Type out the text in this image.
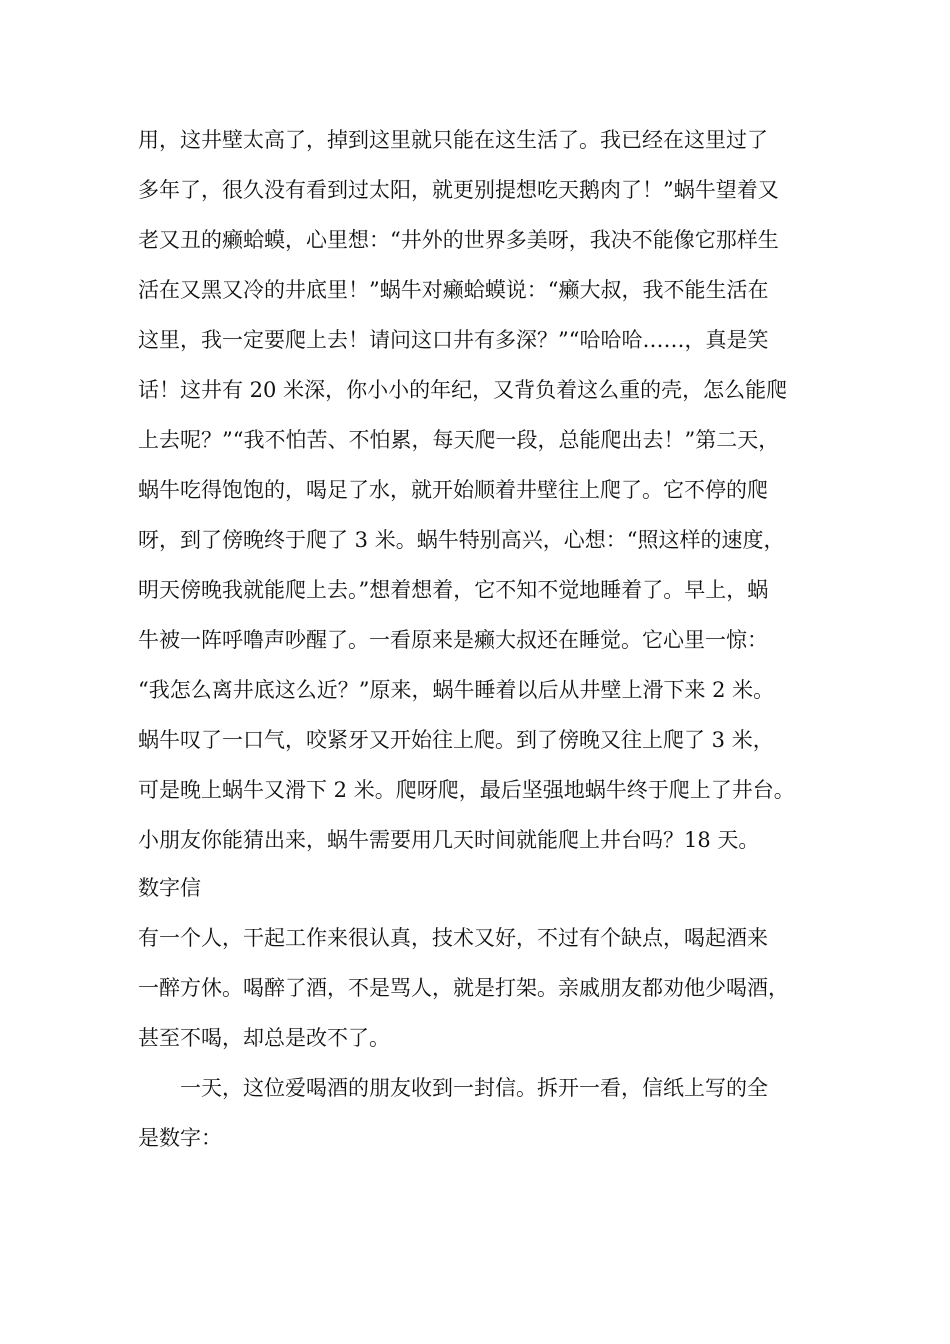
用，这井壁太高了，掉到这里就只能在这生活了。我已经在这里过了
多年了，很久没有看到过太阳，就更别提想吃天鹅肉了！”蜗牛望着又
老又丑的癞蛤蟆，心里想：“井外的世界多美呀，我决不能像它那样生
活在又黑又冷的井底里！”蜗牛对癞蛤蟆说：“癞大叔，我不能生活在
这里，我一定要爬上去！请问这口井有多深？”“哈哈哈……，真是笑
话！这井有 20 米深，你小小的年纪，又背负着这么重的壳，怎么能爬
上去呢？”“我不怕苦、不怕累，每天爬一段，总能爬出去！”第二天，
蜗牛吃得饱饱的，喝足了水，就开始顺着井壁往上爬了。它不停的爬
呀，到了傍晚终于爬了 3 米。蜗牛特别高兴，心想：“照这样的速度，
明天傍晚我就能爬上去。”想着想着，它不知不觉地睡着了。早上，蜗
牛被一阵呼噜声吵醒了。一看原来是癞大叔还在睡觉。它心里一惊：
“我怎么离井底这么近？”原来，蜗牛睡着以后从井壁上滑下来 2 米。
蜗牛叹了一口气，咬紧牙又开始往上爬。到了傍晚又往上爬了 3 米，
可是晚上蜗牛又滑下 2 米。爬呀爬，最后坚强地蜗牛终于爬上了井台。
小朋友你能猜出来，蜗牛需要用几天时间就能爬上井台吗？18 天。
数字信
有一个人，干起工作来很认真，技术又好，不过有个缺点，喝起酒来
一醉方休。喝醉了酒，不是骂人，就是打架。亲戚朋友都劝他少喝酒，
甚至不喝，却总是改不了。
　　一天，这位爱喝酒的朋友收到一封信。拆开一看，信纸上写的全
是数字：
